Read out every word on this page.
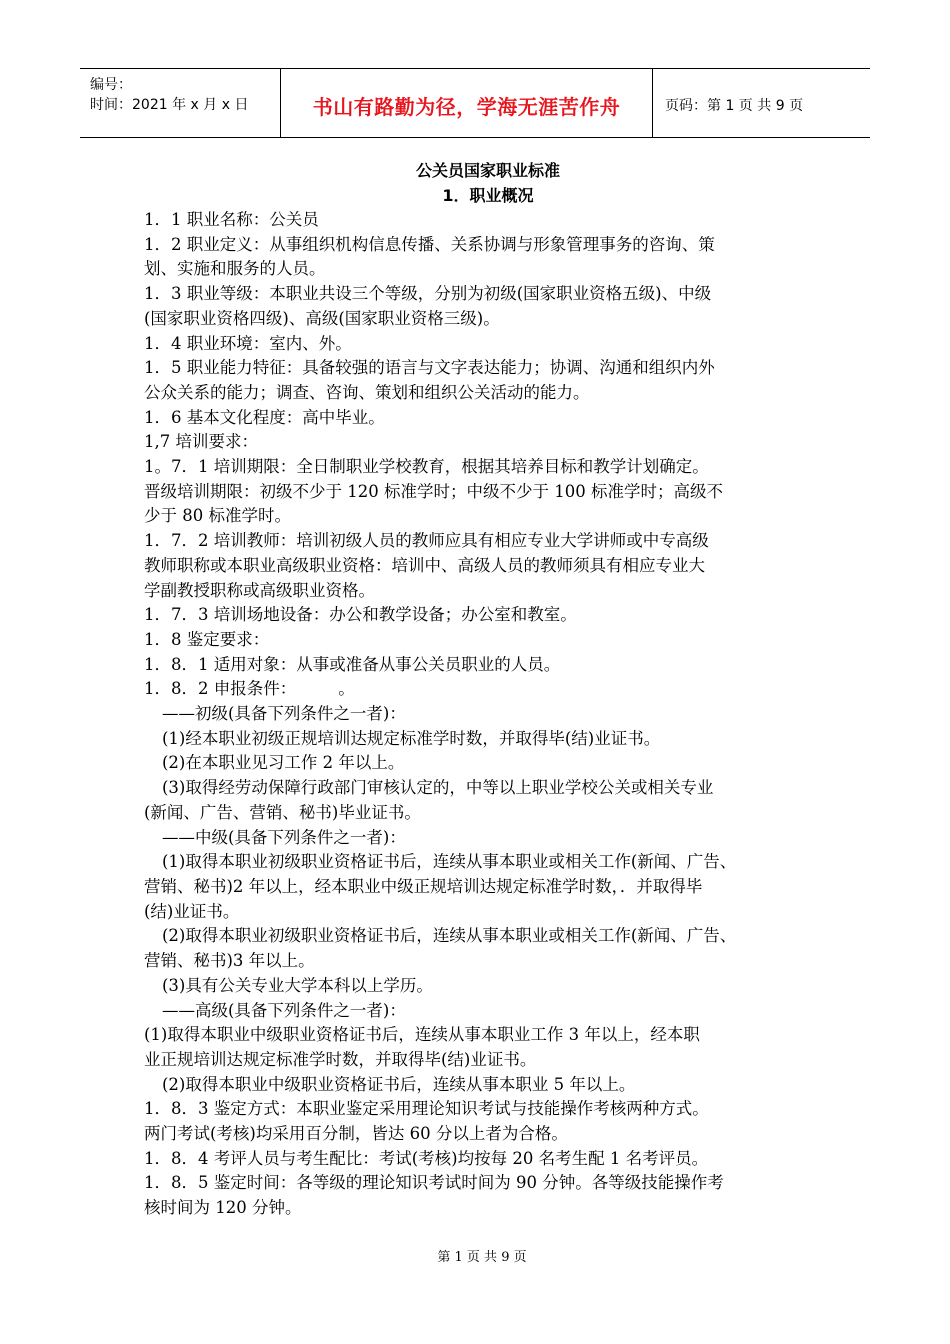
编号：
时间：2021 年 x 月 x 日	书山有路勤为径，学海无涯苦作舟	页码：第 1 页 共 9 页

公关员国家职业标准

1．职业概况

1．1 职业名称：公关员

1．2 职业定义：从事组织机构信息传播、关系协调与形象管理事务的咨询、策

划、实施和服务的人员。

1．3 职业等级：本职业共设三个等级，分别为初级(国家职业资格五级)、中级

(国家职业资格四级)、高级(国家职业资格三级)。

1．4 职业环境：室内、外。

1．5 职业能力特征：具备较强的语言与文字表达能力；协调、沟通和组织内外

公众关系的能力；调查、咨询、策划和组织公关活动的能力。

1．6 基本文化程度：高中毕业。

1,7 培训要求：

1。7．1 培训期限：全日制职业学校教育，根据其培养目标和教学计划确定。

晋级培训期限：初级不少于 120 标准学时；中级不少于 100 标准学时；高级不

少于 80 标准学时。

1．7．2 培训教师：培训初级人员的教师应具有相应专业大学讲师或中专高级

教师职称或本职业高级职业资格：培训中、高级人员的教师须具有相应专业大

学副教授职称或高级职业资格。

1．7．3 培训场地设备：办公和教学设备；办公室和教室。

1．8 鉴定要求：

1．8．1 适用对象：从事或准备从事公关员职业的人员。

1．8．2 申报条件：        。

——初级(具备下列条件之一者)：

(1)经本职业初级正规培训达规定标准学时数，并取得毕(结)业证书。

(2)在本职业见习工作 2 年以上。

(3)取得经劳动保障行政部门审核认定的，中等以上职业学校公关或相关专业

(新闻、广告、营销、秘书)毕业证书。

——中级(具备下列条件之一者)：

(1)取得本职业初级职业资格证书后，连续从事本职业或相关工作(新闻、广告、

营销、秘书)2 年以上，经本职业中级正规培训达规定标准学时数，．并取得毕

(结)业证书。

(2)取得本职业初级职业资格证书后，连续从事本职业或相关工作(新闻、广告、

营销、秘书)3 年以上。

(3)具有公关专业大学本科以上学历。

——高级(具备下列条件之一者)：

(1)取得本职业中级职业资格证书后，连续从事本职业工作 3 年以上，经本职

业正规培训达规定标准学时数，并取得毕(结)业证书。

(2)取得本职业中级职业资格证书后，连续从事本职业 5 年以上。

1．8．3 鉴定方式：本职业鉴定采用理论知识考试与技能操作考核两种方式。

两门考试(考核)均采用百分制，皆达 60 分以上者为合格。

1．8．4 考评人员与考生配比：考试(考核)均按每 20 名考生配 1 名考评员。

1．8．5 鉴定时间：各等级的理论知识考试时间为 90 分钟。各等级技能操作考

核时间为 120 分钟。

第 1 页 共 9 页
